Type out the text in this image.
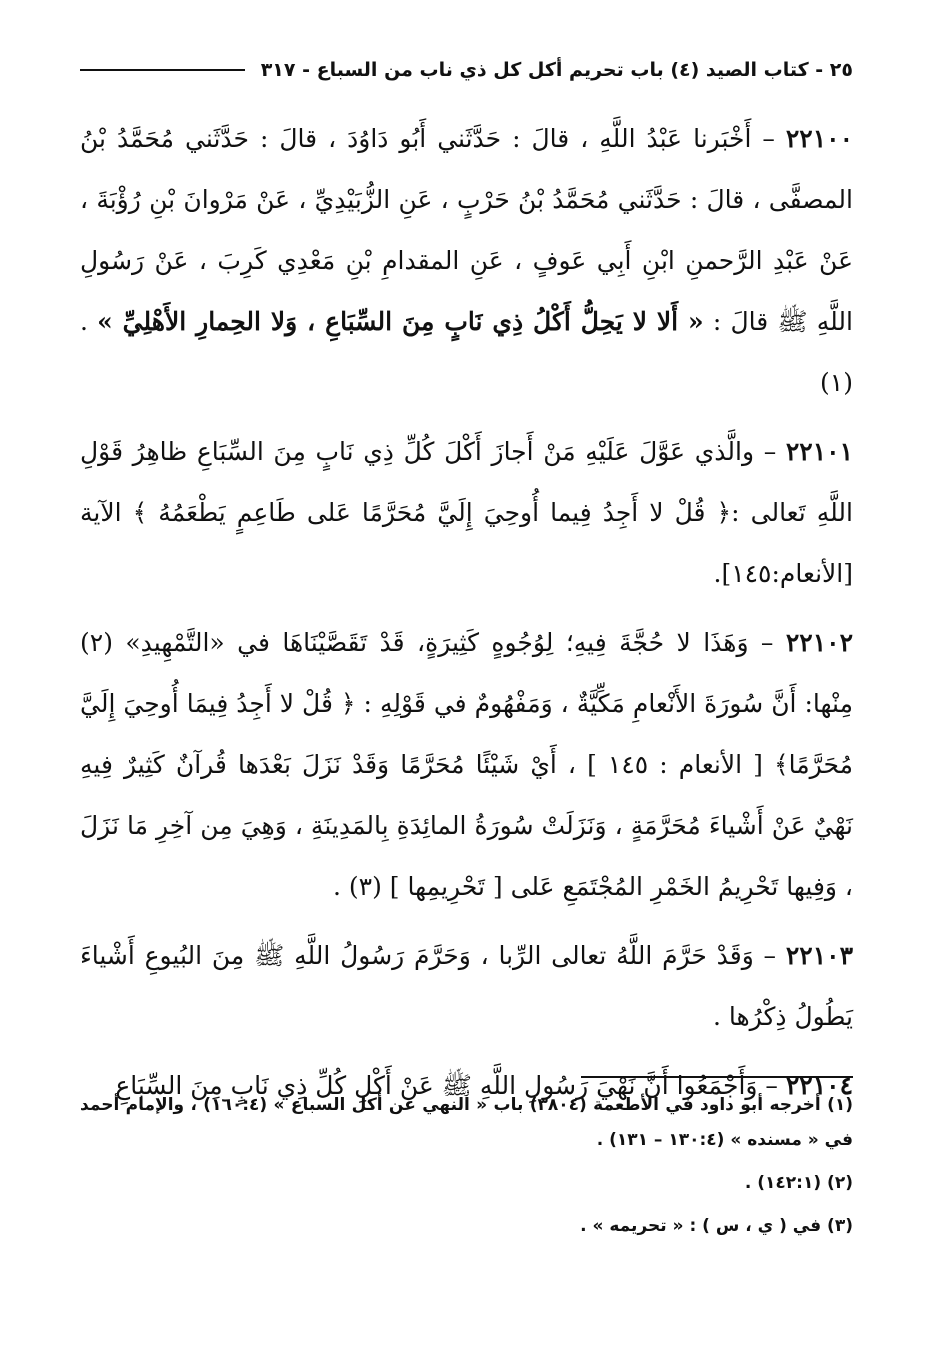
٢٥ - كتاب الصيد (٤) باب تحريم أكل كل ذي ناب من السباع - ٣١٧

٢٢١٠٠ – أَخْبَرنا عَبْدُ اللَّهِ ، قالَ : حَدَّثَني أَبُو دَاوُدَ ، قالَ : حَدَّثَني مُحَمَّدُ بْنُ المصفَّى ، قالَ : حَدَّثَني مُحَمَّدُ بْنُ حَرْبٍ ، عَنِ الزُّبَيْدِيِّ ، عَنْ مَرْوانَ بْنِ رُؤْبَةَ ، عَنْ عَبْدِ الرَّحمنِ ابْنِ أَبِي عَوفٍ ، عَنِ المقدامِ بْنِ مَعْدِي كَرِبَ ، عَنْ رَسُولِ اللَّهِ ﷺ قالَ : « أَلا لا يَحِلُّ أَكْلُ ذِي نَابٍ مِنَ السِّبَاعِ ، وَلا الحِمارِ الأَهْلِيِّ » . (١)

٢٢١٠١ – والَّذي عَوَّلَ عَلَيْهِ مَنْ أَجازَ أَكْلَ كُلِّ ذِي نَابٍ مِنَ السِّبَاعِ ظاهِرُ قَوْلِ اللَّهِ تَعالى :﴿ قُلْ لا أَجِدُ فِيما أُوحِيَ إِلَيَّ مُحَرَّمًا عَلى طَاعِمٍ يَطْعَمُهُ ﴾ الآية [الأنعام:١٤٥].

٢٢١٠٢ – وَهَذَا لا حُجَّةَ فِيهِ؛ لِوُجُوهٍ كَثِيرَةٍ، قَدْ تَقَصَّيْنَاهَا في «التَّمْهِيدِ» (٢) مِنْها: أَنَّ سُورَةَ الأَنْعامِ مَكِّيَّةٌ ، وَمَفْهُومٌ في قَوْلِهِ : ﴿ قُلْ لا أَجِدُ فِيمَا أُوحِيَ إِلَيَّ مُحَرَّمًا﴾ [ الأنعام : ١٤٥ ] ، أَيْ شَيْئًا مُحَرَّمًا وَقَدْ نَزَلَ بَعْدَها قُرآنٌ كَثِيرٌ فِيهِ نَهْيٌ عَنْ أَشْياءَ مُحَرَّمَةٍ ، وَنَزَلَتْ سُورَةُ المائِدَةِ بِالمَدِينَةِ ، وَهِيَ مِن آخِرِ مَا نَزَلَ ، وَفِيها تَحْرِيمُ الخَمْرِ المُجْتَمَعِ عَلى [ تَحْرِيمِها ] (٣) .

٢٢١٠٣ – وَقَدْ حَرَّمَ اللَّهُ تعالى الرِّبا ، وَحَرَّمَ رَسُولُ اللَّهِ ﷺ مِنَ البُيوعِ أَشْياءَ يَطُولُ ذِكْرُها .

٢٢١٠٤ – وَأَجْمَعُوا أَنَّ نَهْيَ رَسُولِ اللَّهِ ﷺ عَنْ أَكْلِ كُلِّ ذِي نَابٍ مِنَ السِّبَاعِ

(١) أخرجه أبو داود في الأطعمة (٣٨٠٤) باب « النهي عن أكل السباع » (١٦٠:٤) ، والإمام أحمد في « مسنده » (١٣٠:٤ – ١٣١) .

(٢) (١٤٢:١) .

(٣) في ( ي ، س ) : « تحريمه » .
